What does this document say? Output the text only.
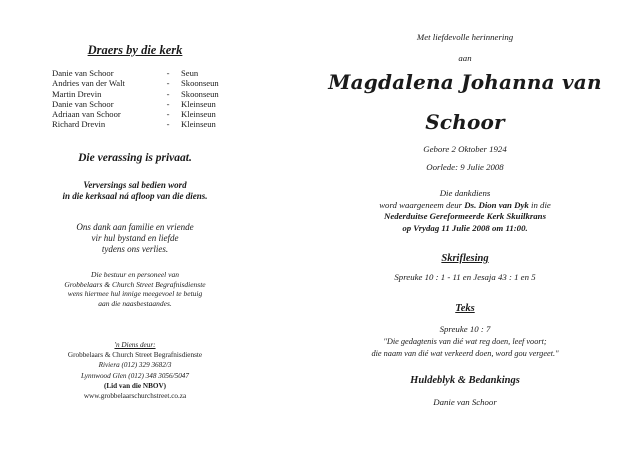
Draers by die kerk
Danie van Schoor	-	Seun
Andries van der Walt	-	Skoonseun
Martin Drevin	-	Skoonseun
Danie van Schoor	-	Kleinseun
Adriaan van Schoor	-	Kleinseun
Richard Drevin	-	Kleinseun
Die verassing is privaat.
Verversings sal bedien word
in die kerksaal ná afloop van die diens.
Ons dank aan familie en vriende
vir hul bystand en liefde
tydens ons verlies.
Die bestuur en personeel van
Grobbelaars & Church Street Begrafnisdienste
wens hiermee hul innige meegevoel te betuig
aan die naasbestaandes.
'n Diens deur:
Grobbelaars & Church Street Begrafnisdienste
Riviera (012) 329 3682/3
Lynnwood Glen (012) 348 3056/5047
(Lid van die NBOV)
www.grobbelaarschurchstreet.co.za
Met liefdevolle herinnering
aan
Magdalena Johanna van
Schoor
Gebore 2 Oktober 1924
Oorlede: 9 Julie 2008
Die dankdiens
word waargeneem deur Ds. Dion van Dyk in die
Nederduitse Gereformeerde Kerk Skuilkrans
op Vrydag 11 Julie 2008 om 11:00.
Skriflesing
Spreuke 10 : 1 - 11 en Jesaja 43 : 1 en 5
Teks
Spreuke 10 : 7
"Die gedagtenis van dié wat reg doen, leef voort;
die naam van dié wat verkeerd doen, word gou vergeet."
Huldeblyk & Bedankings
Danie van Schoor
